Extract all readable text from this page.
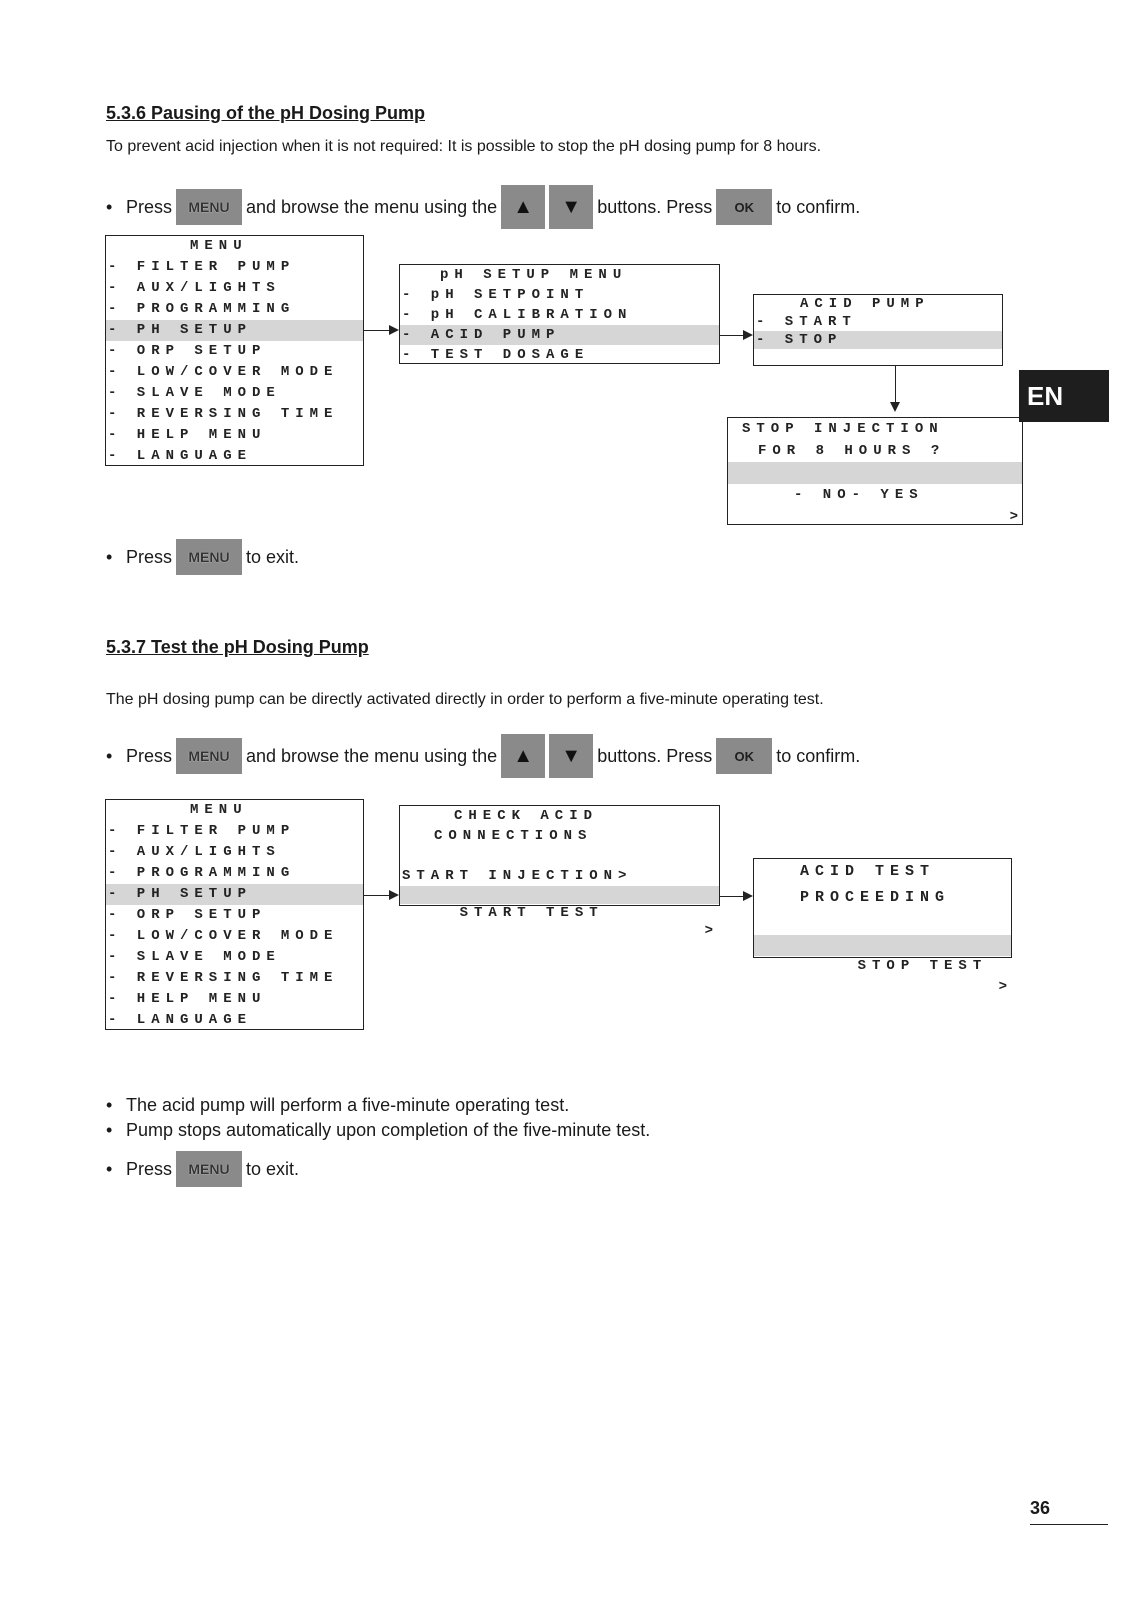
5.3.6 Pausing of the pH Dosing Pump
To prevent acid injection when it is not required: It is possible to stop the pH dosing pump for 8 hours.
• Press	MENU and browse the menu using the ▲	▼ buttons. Press	OK	to confirm.
MENU
- FILTER PUMP
- AUX/LIGHTS
- PROGRAMMING
- PH SETUP
- ORP SETUP
- LOW/COVER MODE
- SLAVE MODE
- REVERSING TIME
- HELP MENU
- LANGUAGE
pH SETUP MENU
- pH SETPOINT
- pH CALIBRATION
- ACID PUMP
- TEST DOSAGE
ACID PUMP
- START
- STOP
STOP INJECTION
FOR 8 HOURS ?

- YES

>

• Press	MENU to exit.
EN
5.3.7 Test the pH Dosing Pump
The pH dosing pump can be directly activated directly in order to perform a five-minute operating test.
• Press	MENU and browse the menu using the ▲	▼ buttons. Press	OK	to confirm.
MENU
- FILTER PUMP
- AUX/LIGHTS
- PROGRAMMING
- PH SETUP
- ORP SETUP
- LOW/COVER MODE
- SLAVE MODE
- REVERSING TIME
- HELP MENU
- LANGUAGE
CHECK ACID
CONNECTIONS
START INJECTION>

START TEST

>

ACID TEST
PROCEEDING

STOP TEST

>

• The acid pump will perform a five-minute operating test.
• Pump stops automatically upon completion of the five-minute test.
• Press	MENU to exit.
36
